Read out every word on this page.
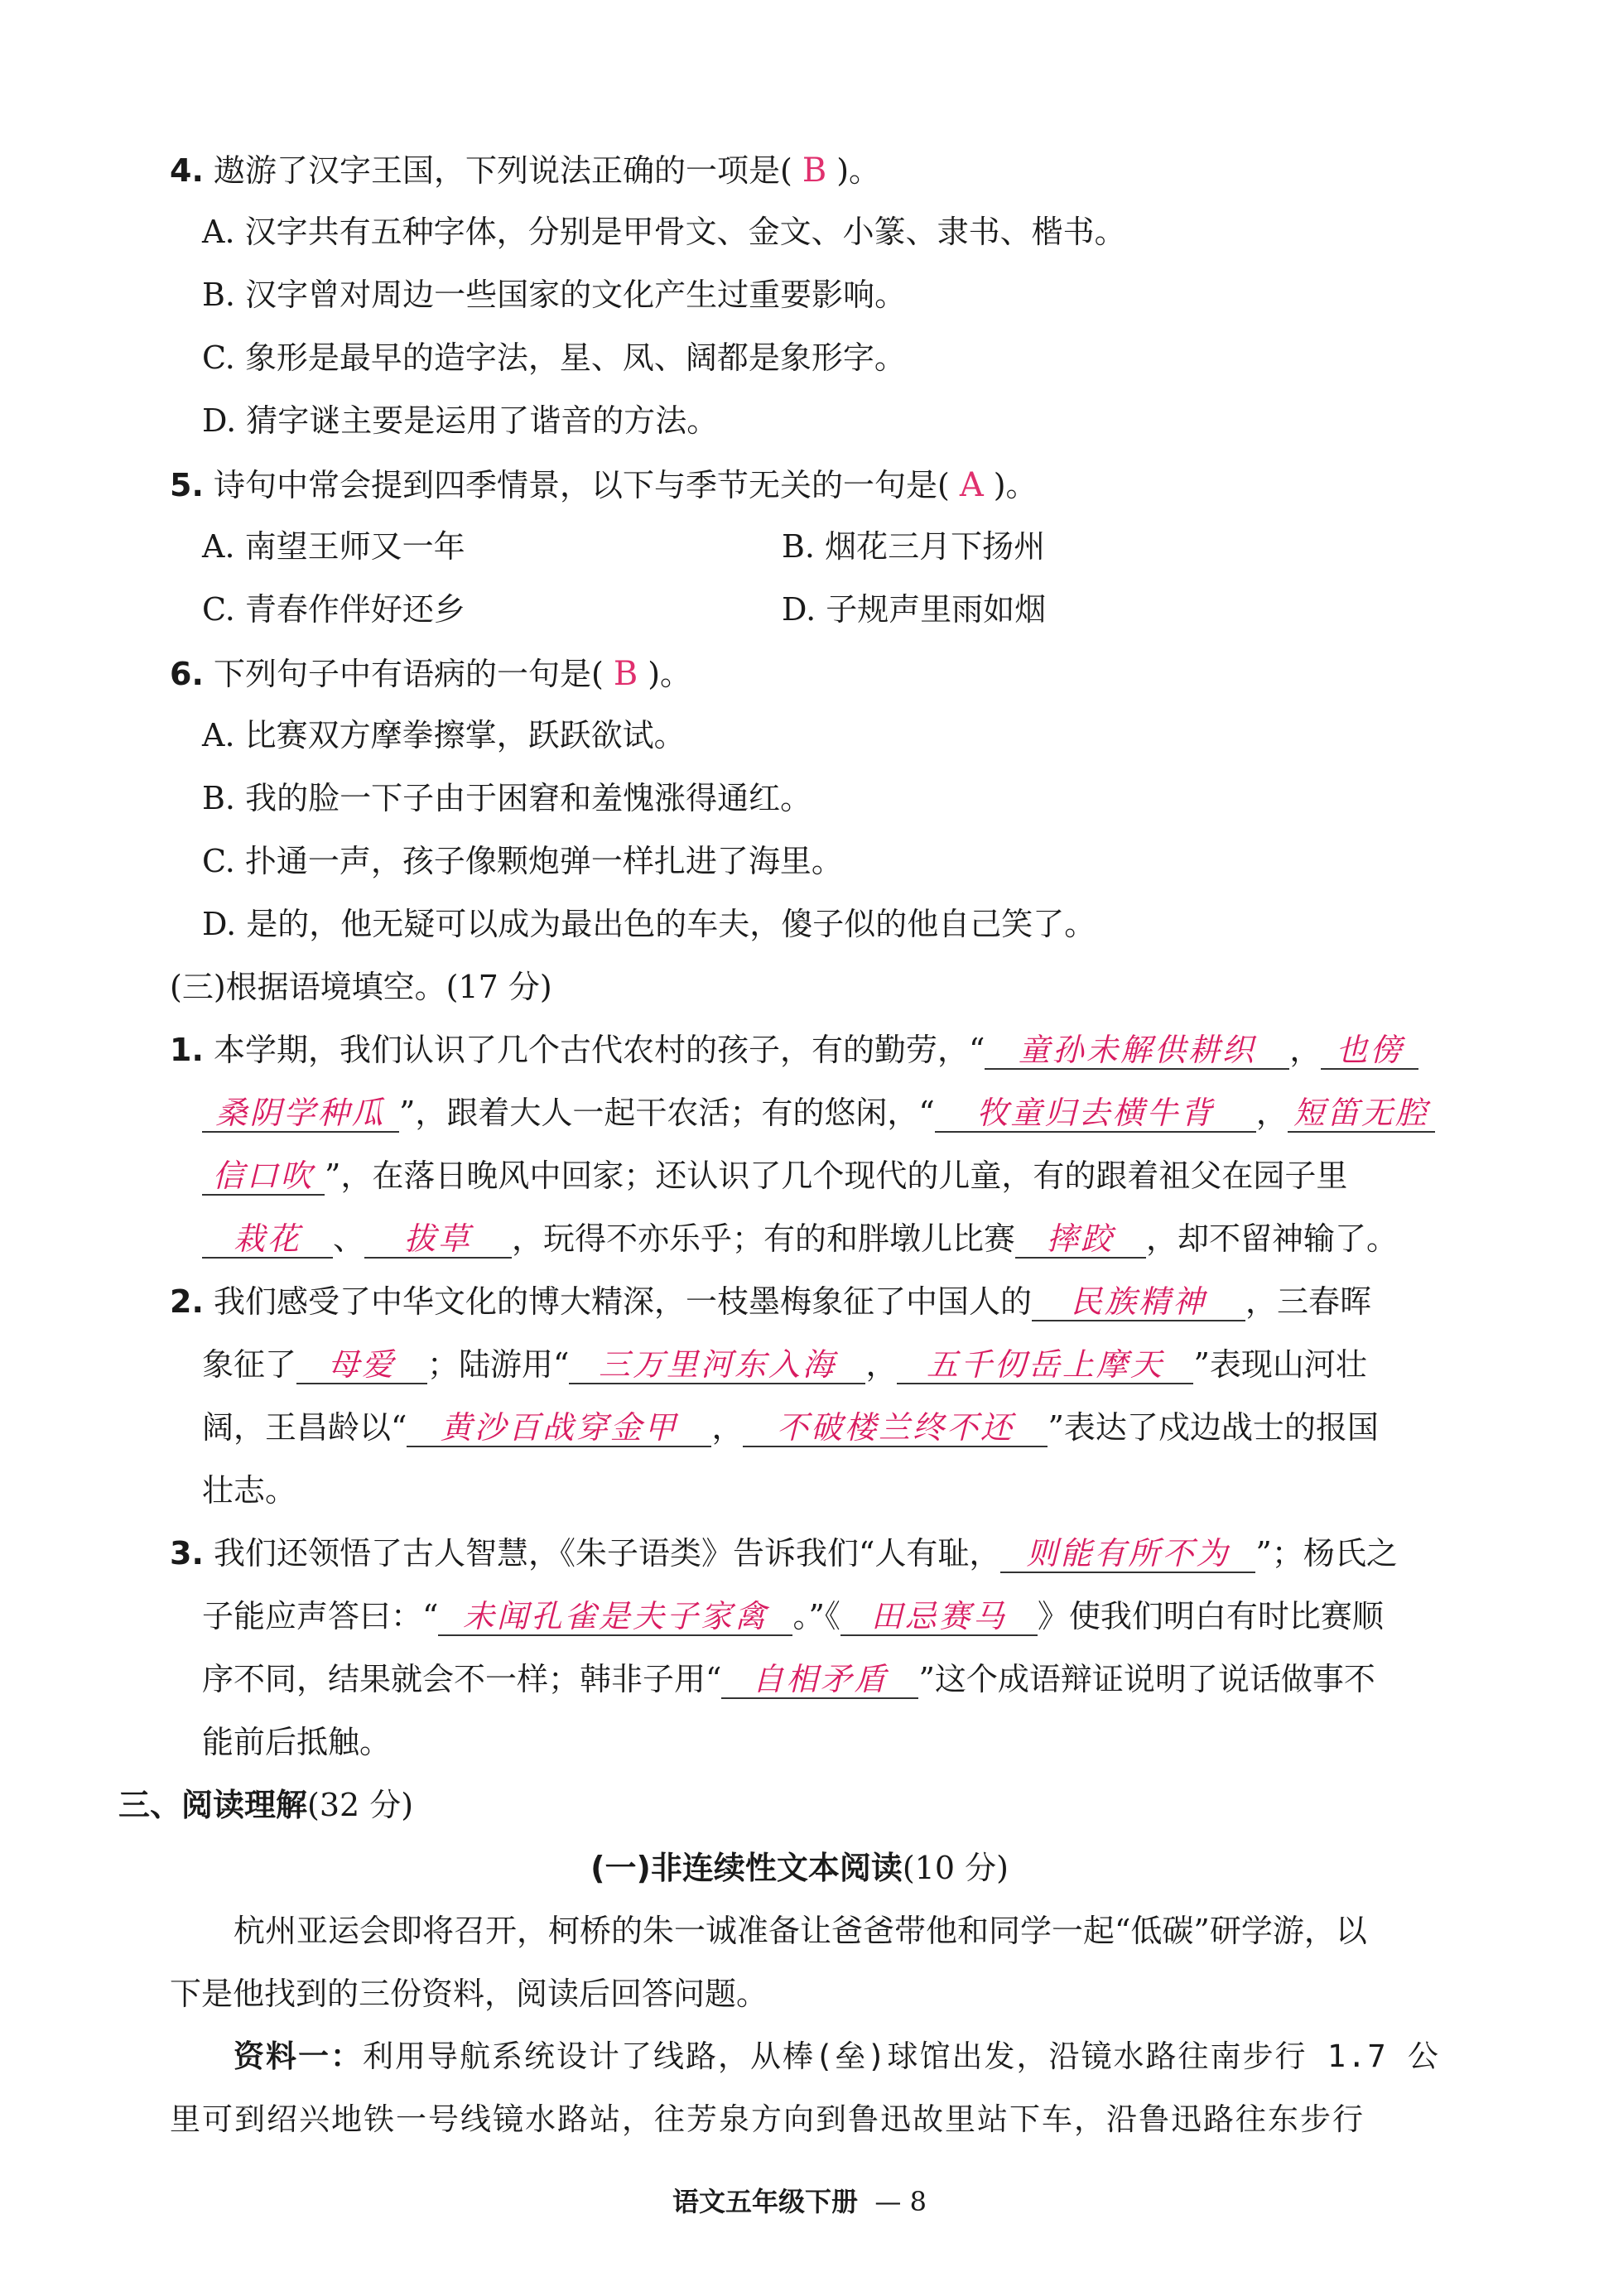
4. 遨游了汉字王国，下列说法正确的一项是( B )。
A. 汉字共有五种字体，分别是甲骨文、金文、小篆、隶书、楷书。
B. 汉字曾对周边一些国家的文化产生过重要影响。
C. 象形是最早的造字法，星、凤、阔都是象形字。
D. 猜字谜主要是运用了谐音的方法。
5. 诗句中常会提到四季情景，以下与季节无关的一句是( A )。
A. 南望王师又一年	B. 烟花三月下扬州
C. 青春作伴好还乡	D. 子规声里雨如烟
6. 下列句子中有语病的一句是( B )。
A. 比赛双方摩拳擦掌，跃跃欲试。
B. 我的脸一下子由于困窘和羞愧涨得通红。
C. 扑通一声，孩子像颗炮弹一样扎进了海里。
D. 是的，他无疑可以成为最出色的车夫，傻子似的他自己笑了。
(三)根据语境填空。(17 分)
1. 本学期，我们认识了几个古代农村的孩子，有的勤劳，“ 童孙未解供耕织 ， 也傍
桑阴学种瓜 ”，跟着大人一起干农活；有的悠闲，“ 牧童归去横牛背 ， 短笛无腔
信口吹 ”，在落日晚风中回家；还认识了几个现代的儿童，有的跟着祖父在园子里
栽花 、 拔草 ，玩得不亦乐乎；有的和胖墩儿比赛 摔跤 ，却不留神输了。
2. 我们感受了中华文化的博大精深，一枝墨梅象征了中国人的 民族精神 ，三春晖
象征了 母爱 ；陆游用“ 三万里河东入海 ， 五千仞岳上摩天 ”表现山河壮
阔，王昌龄以“ 黄沙百战穿金甲 ， 不破楼兰终不还 ”表达了戍边战士的报国
壮志。
3. 我们还领悟了古人智慧，《朱子语类》告诉我们“人有耻， 则能有所不为 ”；杨氏之
子能应声答曰：“ 未闻孔雀是夫子家禽 。”《 田忌赛马 》使我们明白有时比赛顺
序不同，结果就会不一样；韩非子用“ 自相矛盾 ”这个成语辩证说明了说话做事不
能前后抵触。
三、阅读理解(32 分)
(一)非连续性文本阅读(10 分)
杭州亚运会即将召开，柯桥的朱一诚准备让爸爸带他和同学一起“低碳”研学游，以
下是他找到的三份资料，阅读后回答问题。
资料一：利用导航系统设计了线路，从棒(垒)球馆出发，沿镜水路往南步行 1.7 公
里可到绍兴地铁一号线镜水路站，往芳泉方向到鲁迅故里站下车，沿鲁迅路往东步行
语文五年级下册 — 8
